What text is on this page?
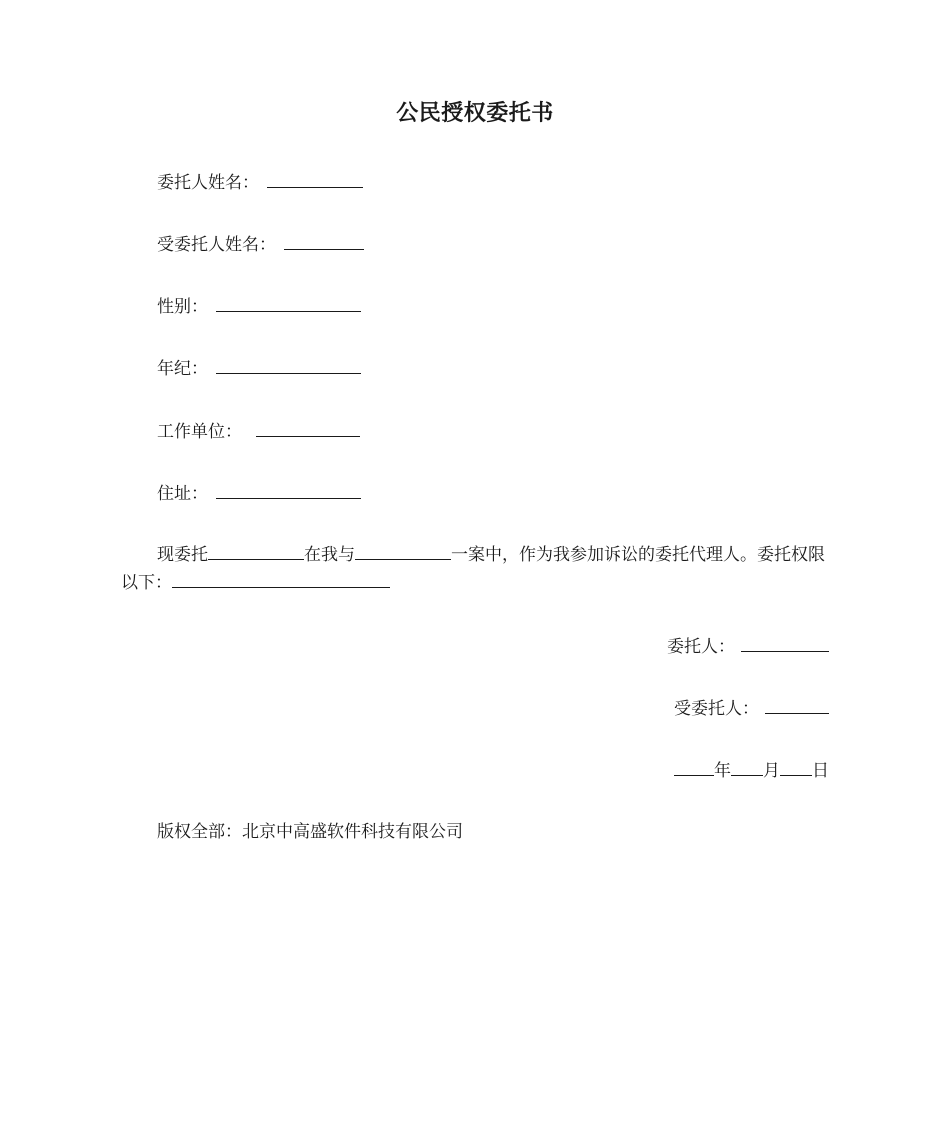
公民授权委托书
委托人姓名：
受委托人姓名：
性别：
年纪：
工作单位：
住址：
现委托	在我与	一案中，作为我参加诉讼的委托代理人。委托权限以下：
委托人：
受委托人：
年 月 日
版权全部：北京中高盛软件科技有限公司
